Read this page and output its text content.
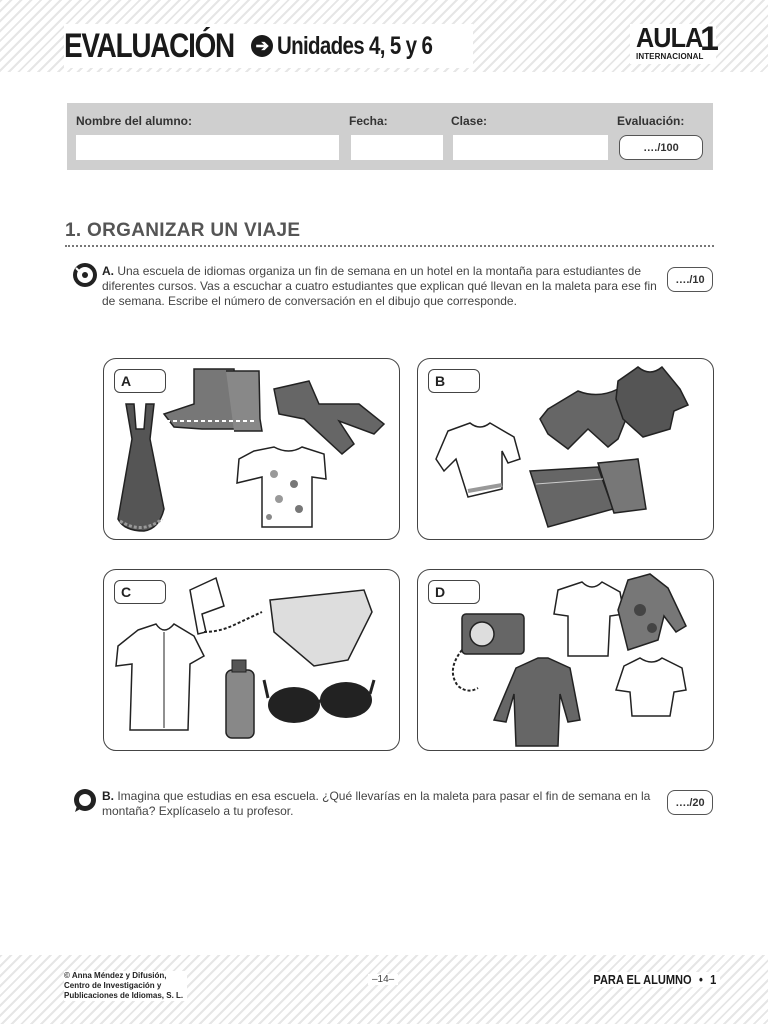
EVALUACIÓN ➔ Unidades 4, 5 y 6	AULA
INTERNACIONAL
1
Nombre del alumno:	Fecha:	Clase:	Evaluación:
…./100
1. ORGANIZAR UN VIAJE
A. Una escuela de idiomas organiza un fin de semana en un hotel en la montaña para estudiantes de diferentes cursos. Vas a escuchar a cuatro estudiantes que explican qué llevan en la maleta para ese fin de semana. Escribe el número de conversación en el dibujo que corresponde.
…./10
A	B
C	D
B. Imagina que estudias en esa escuela. ¿Qué llevarías en la maleta para pasar el fin de semana en la montaña? Explícaselo a tu profesor.
…./20
© Anna Méndez y Difusión,
Centro de Investigación y
Publicaciones de Idiomas, S. L.
–14–	PARA EL ALUMNO • 1
